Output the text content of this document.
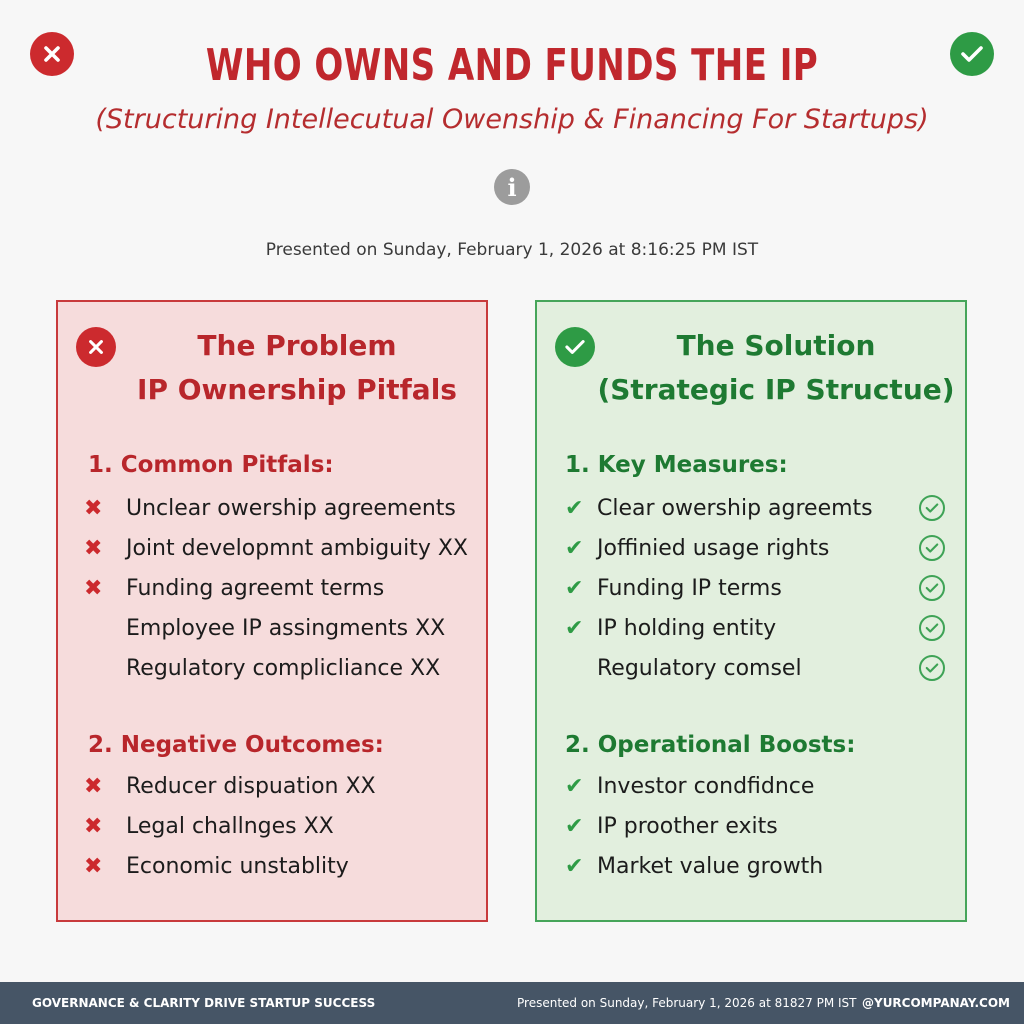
WHO OWNS AND FUNDS THE IP
(Structuring Intellecutual Owenship & Financing For Startups)
i
Presented on Sunday, February 1, 2026 at 8:16:25 PM IST
The Problem
IP Ownership Pitfals
1. Common Pitfals:
✖ Unclear owership agreements
✖ Joint developmnt ambiguity XX
✖ Funding agreemt terms
Employee IP assingments XX
Regulatory complicliance XX
2. Negative Outcomes:
✖ Reducer dispuation XX
✖ Legal challnges XX
✖ Economic unstablity
The Solution
(Strategic IP Structue)
1. Key Measures:
✔ Clear owership agreemts
✔ Joffinied usage rights
✔ Funding IP terms
✔ IP holding entity
Regulatory comsel
2. Operational Boosts:
✔ Investor condfidnce
✔ IP proother exits
✔ Market value growth
GOVERNANCE & CLARITY DRIVE STARTUP SUCCESS	Presented on Sunday, February 1, 2026 at 81827 PM IST @YURCOMPANAY.COM
